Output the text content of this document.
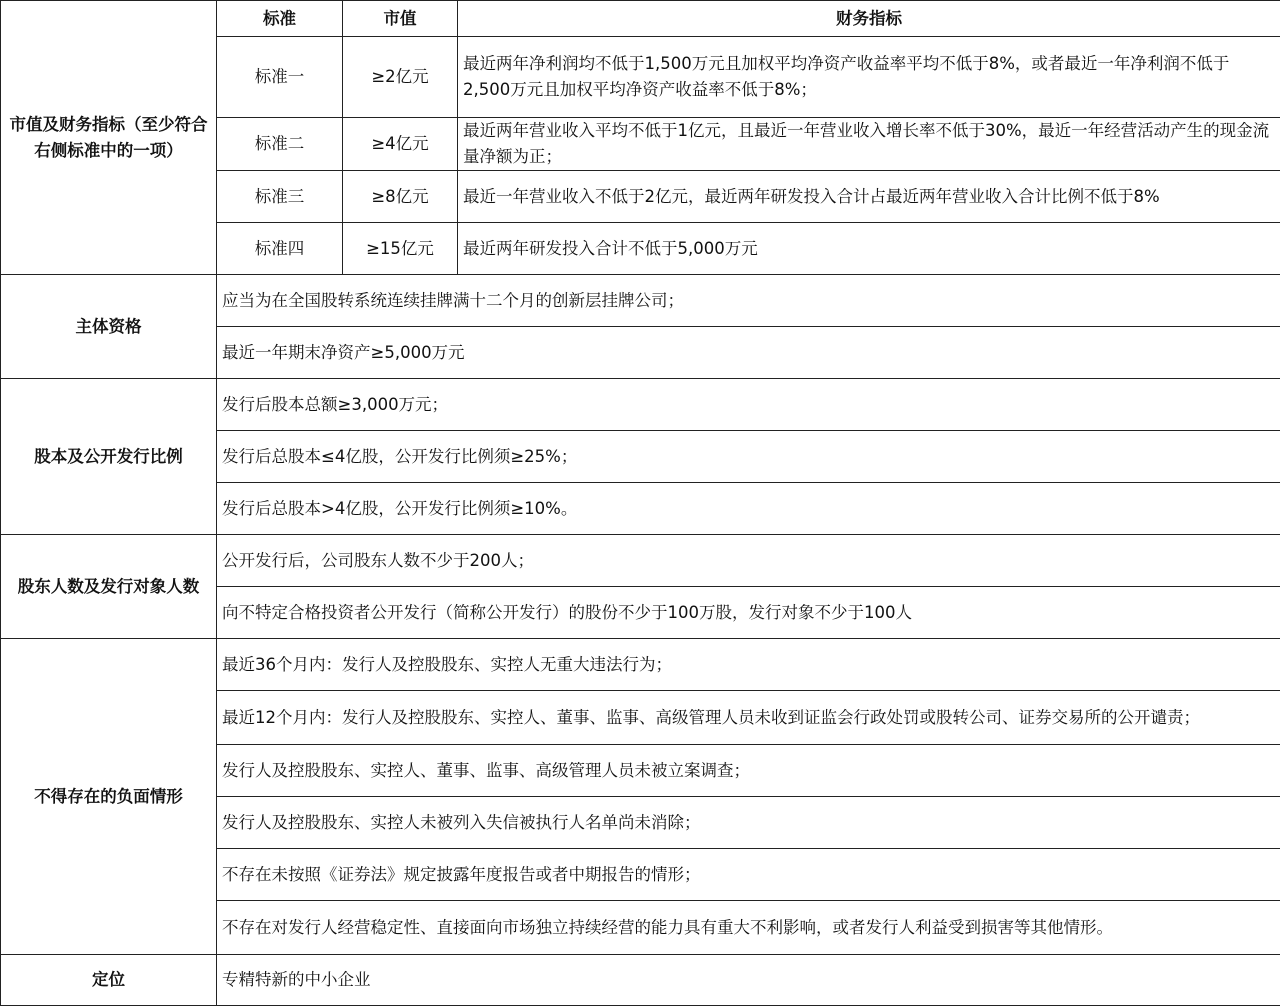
市值及财务指标（至少符合右侧标准中的一项）	标准	市值	财务指标
	标准一	≥2亿元	最近两年净利润均不低于1,500万元且加权平均净资产收益率平均不低于8%，或者最近一年净利润不低于2,500万元且加权平均净资产收益率不低于8%；
	标准二	≥4亿元	最近两年营业收入平均不低于1亿元，且最近一年营业收入增长率不低于30%，最近一年经营活动产生的现金流量净额为正；
	标准三	≥8亿元	最近一年营业收入不低于2亿元，最近两年研发投入合计占最近两年营业收入合计比例不低于8%
	标准四	≥15亿元	最近两年研发投入合计不低于5,000万元
主体资格	应当为在全国股转系统连续挂牌满十二个月的创新层挂牌公司；		
	最近一年期末净资产≥5,000万元		
股本及公开发行比例	发行后股本总额≥3,000万元；		
	发行后总股本≤4亿股，公开发行比例须≥25%；		
	发行后总股本>4亿股，公开发行比例须≥10%。		
股东人数及发行对象人数	公开发行后，公司股东人数不少于200人；		
	向不特定合格投资者公开发行（简称公开发行）的股份不少于100万股，发行对象不少于100人		
不得存在的负面情形	最近36个月内：发行人及控股股东、实控人无重大违法行为；		
	最近12个月内：发行人及控股股东、实控人、董事、监事、高级管理人员未收到证监会行政处罚或股转公司、证券交易所的公开谴责；		
	发行人及控股股东、实控人、董事、监事、高级管理人员未被立案调查；		
	发行人及控股股东、实控人未被列入失信被执行人名单尚未消除；		
	不存在未按照《证券法》规定披露年度报告或者中期报告的情形；		
	不存在对发行人经营稳定性、直接面向市场独立持续经营的能力具有重大不利影响，或者发行人利益受到损害等其他情形。		
定位	专精特新的中小企业		
